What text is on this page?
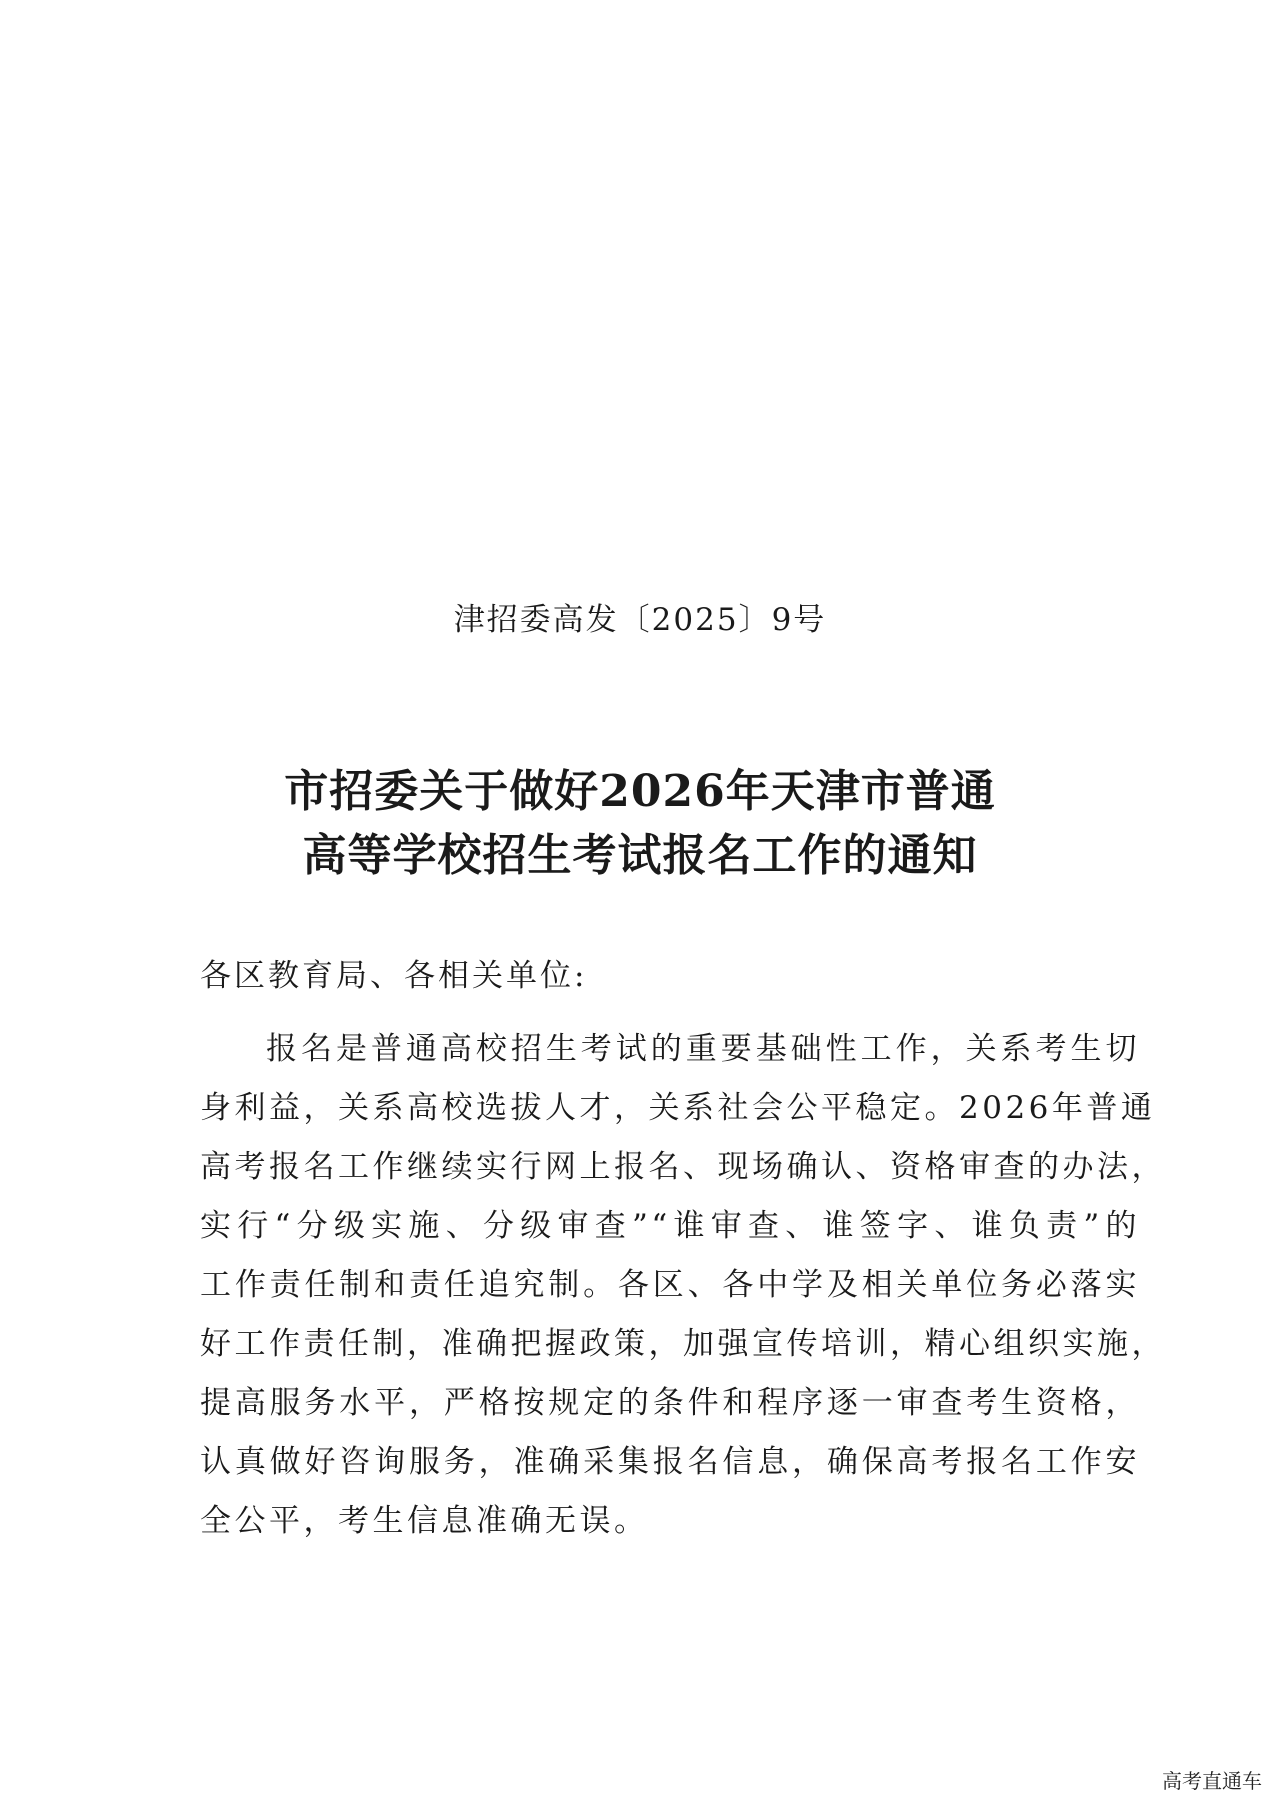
津招委高发〔2025〕9号
市招委关于做好2026年天津市普通
高等学校招生考试报名工作的通知
各区教育局、各相关单位:
报名是普通高校招生考试的重要基础性工作，关系考生切
身利益，关系高校选拔人才，关系社会公平稳定。2026年普通
高考报名工作继续实行网上报名、现场确认、资格审查的办法，
实行“分级实施、分级审查”“谁审查、谁签字、谁负责”的
工作责任制和责任追究制。各区、各中学及相关单位务必落实
好工作责任制，准确把握政策，加强宣传培训，精心组织实施，
提高服务水平，严格按规定的条件和程序逐一审查考生资格，
认真做好咨询服务，准确采集报名信息，确保高考报名工作安
全公平，考生信息准确无误。
高考直通车
